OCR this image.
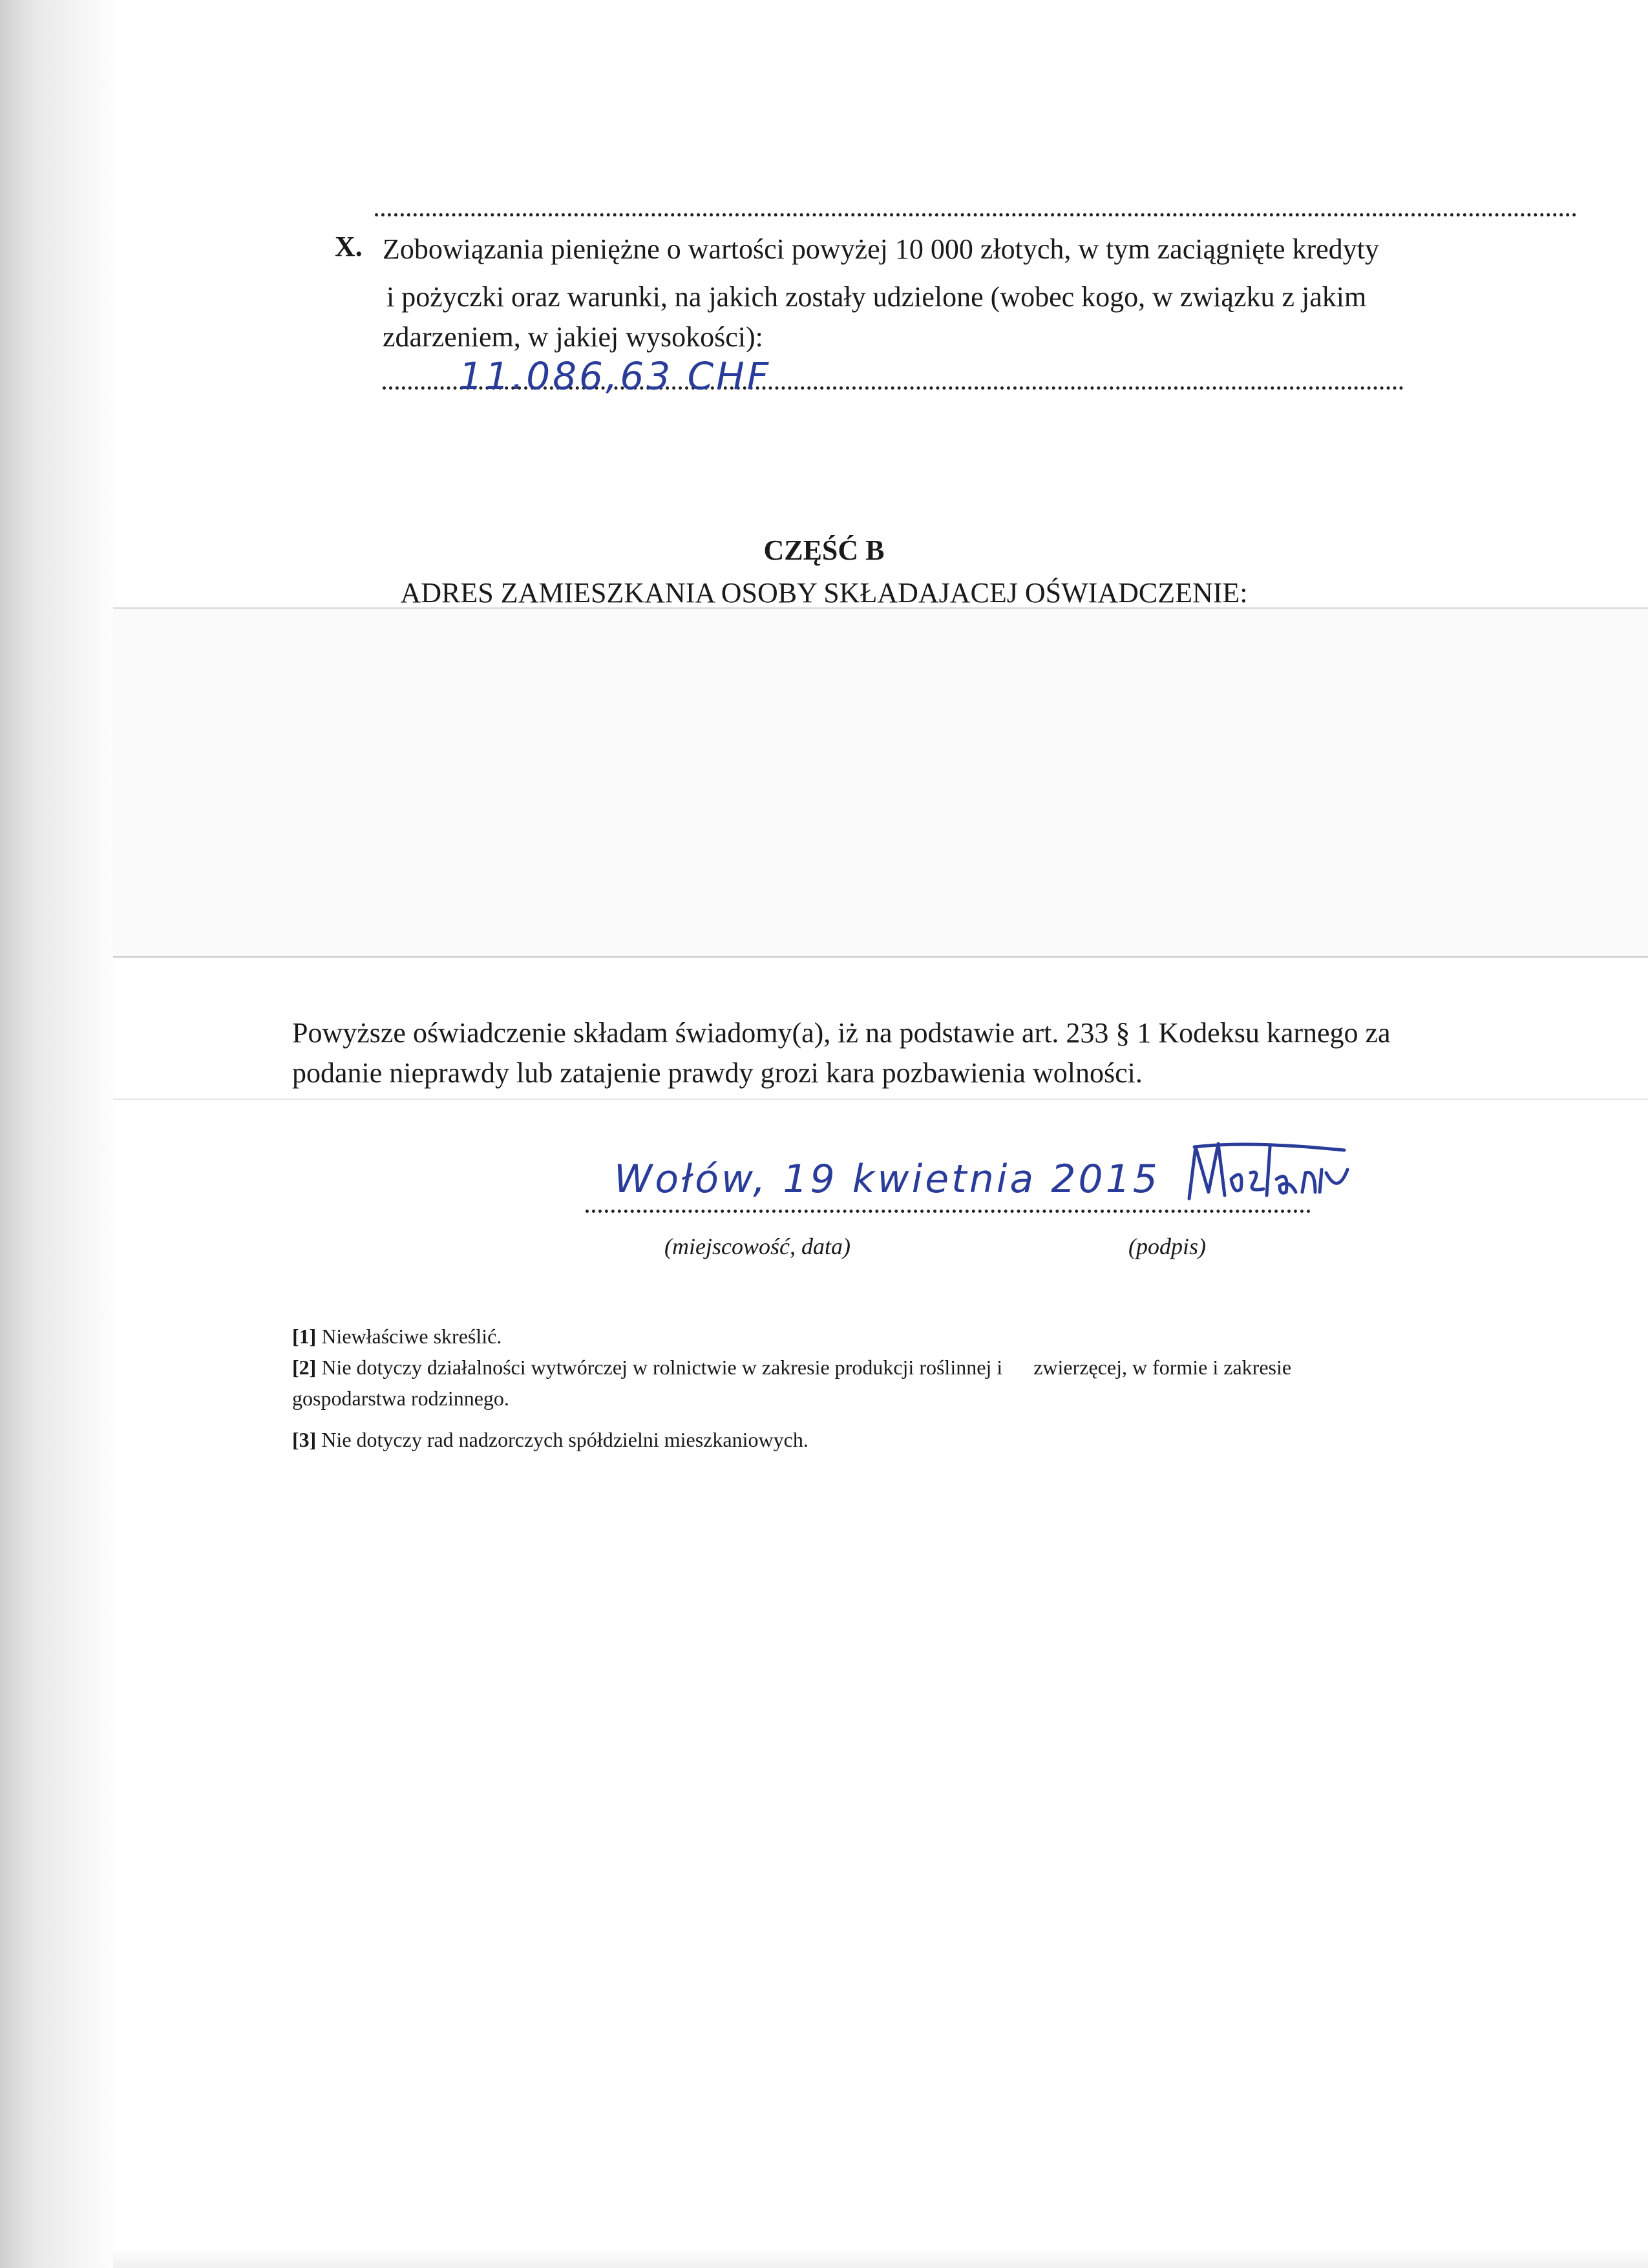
X. Zobowiązania pieniężne o wartości powyżej 10 000 złotych, w tym zaciągnięte kredyty
i pożyczki oraz warunki, na jakich zostały udzielone (wobec kogo, w związku z jakim
zdarzeniem, w jakiej wysokości):
11.086,63 CHF
CZĘŚĆ B
ADRES ZAMIESZKANIA OSOBY SKŁADAJACEJ OŚWIADCZENIE:
Powyższe oświadczenie składam świadomy(a), iż na podstawie art. 233 § 1 Kodeksu karnego za
podanie nieprawdy lub zatajenie prawdy grozi kara pozbawienia wolności.
Wołów, 19 kwietnia 2015
(miejscowość, data)	(podpis)
[1] Niewłaściwe skreślić.
[2] Nie dotyczy działalności wytwórczej w rolnictwie w zakresie produkcji roślinnej i      zwierzęcej, w formie i zakresie
gospodarstwa rodzinnego.
[3] Nie dotyczy rad nadzorczych spółdzielni mieszkaniowych.
